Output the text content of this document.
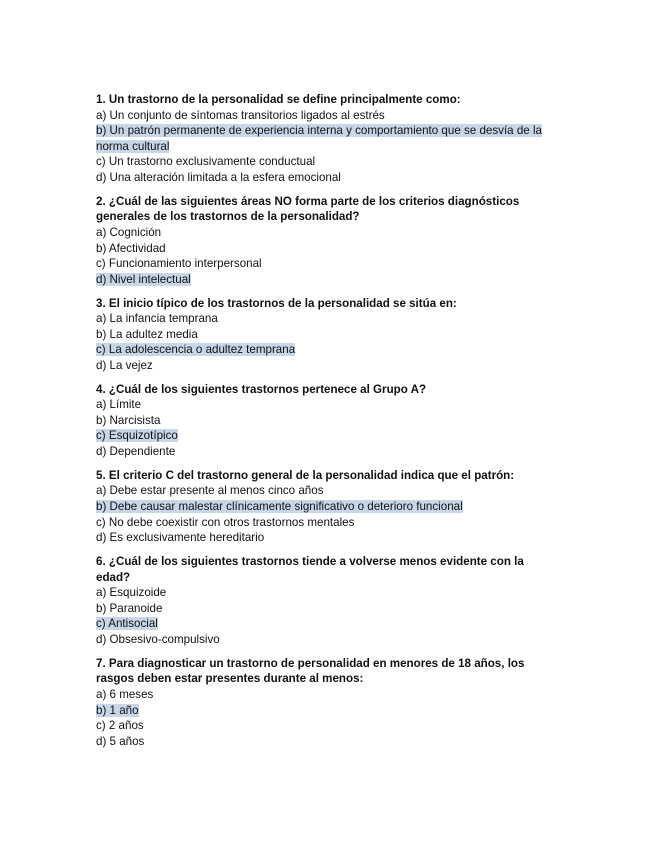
1. Un trastorno de la personalidad se define principalmente como:
a) Un conjunto de síntomas transitorios ligados al estrés
b) Un patrón permanente de experiencia interna y comportamiento que se desvía de la norma cultural
c) Un trastorno exclusivamente conductual
d) Una alteración limitada a la esfera emocional
2. ¿Cuál de las siguientes áreas NO forma parte de los criterios diagnósticos generales de los trastornos de la personalidad?
a) Cognición
b) Afectividad
c) Funcionamiento interpersonal
d) Nivel intelectual
3. El inicio típico de los trastornos de la personalidad se sitúa en:
a) La infancia temprana
b) La adultez media
c) La adolescencia o adultez temprana
d) La vejez
4. ¿Cuál de los siguientes trastornos pertenece al Grupo A?
a) Límite
b) Narcisista
c) Esquizotípico
d) Dependiente
5. El criterio C del trastorno general de la personalidad indica que el patrón:
a) Debe estar presente al menos cinco años
b) Debe causar malestar clínicamente significativo o deterioro funcional
c) No debe coexistir con otros trastornos mentales
d) Es exclusivamente hereditario
6. ¿Cuál de los siguientes trastornos tiende a volverse menos evidente con la edad?
a) Esquizoide
b) Paranoide
c) Antisocial
d) Obsesivo-compulsivo
7. Para diagnosticar un trastorno de personalidad en menores de 18 años, los rasgos deben estar presentes durante al menos:
a) 6 meses
b) 1 año
c) 2 años
d) 5 años
